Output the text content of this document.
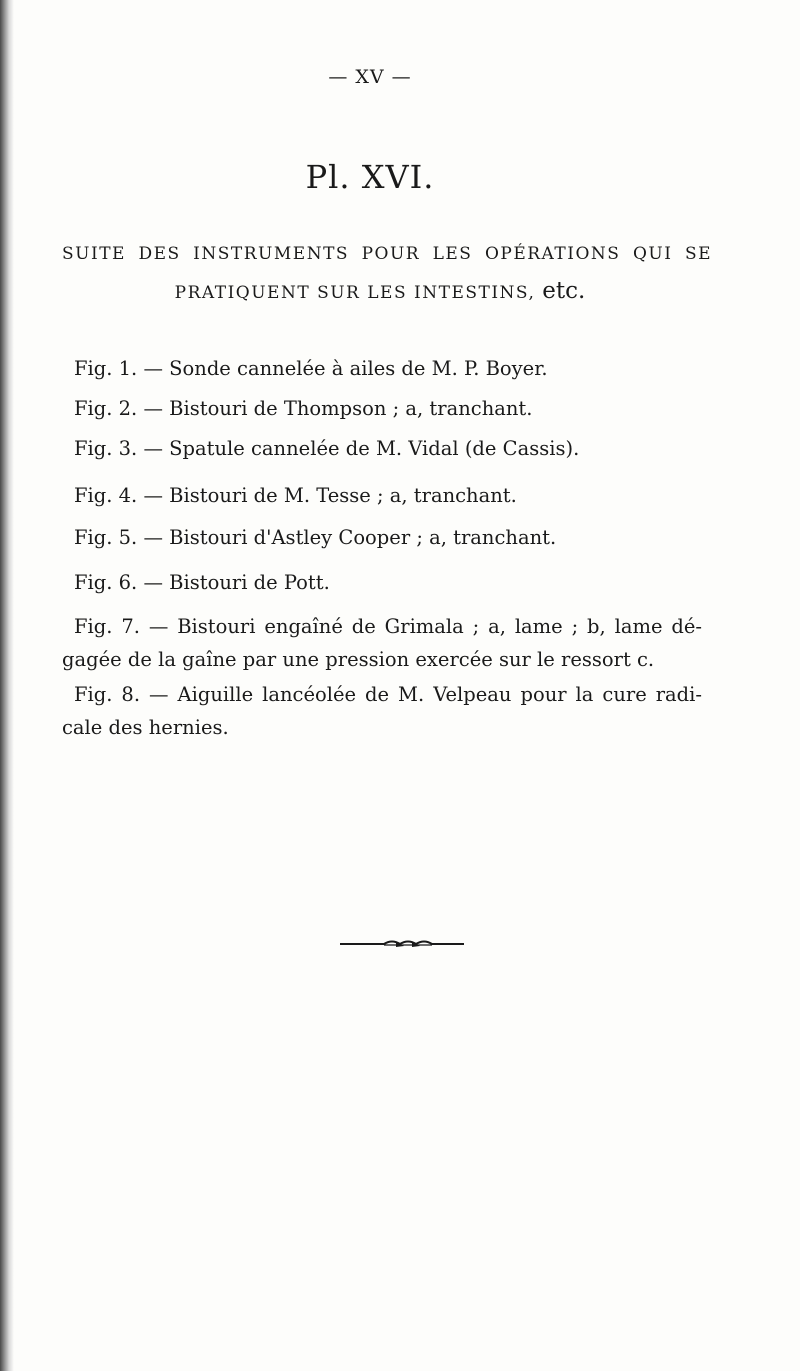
— XV —
Pl. XVI.
SUITE DES INSTRUMENTS POUR LES OPÉRATIONS QUI SE
PRATIQUENT SUR LES INTESTINS, etc.
Fig. 1. — Sonde cannelée à ailes de M. P. Boyer.
Fig. 2. — Bistouri de Thompson ; a, tranchant.
Fig. 3. — Spatule cannelée de M. Vidal (de Cassis).
Fig. 4. — Bistouri de M. Tesse ; a, tranchant.
Fig. 5. — Bistouri d'Astley Cooper ; a, tranchant.
Fig. 6. — Bistouri de Pott.
Fig. 7. — Bistouri engaîné de Grimala ; a, lame ; b, lame dé-
gagée de la gaîne par une pression exercée sur le ressort c.
Fig. 8. — Aiguille lancéolée de M. Velpeau pour la cure radi-
cale des hernies.
